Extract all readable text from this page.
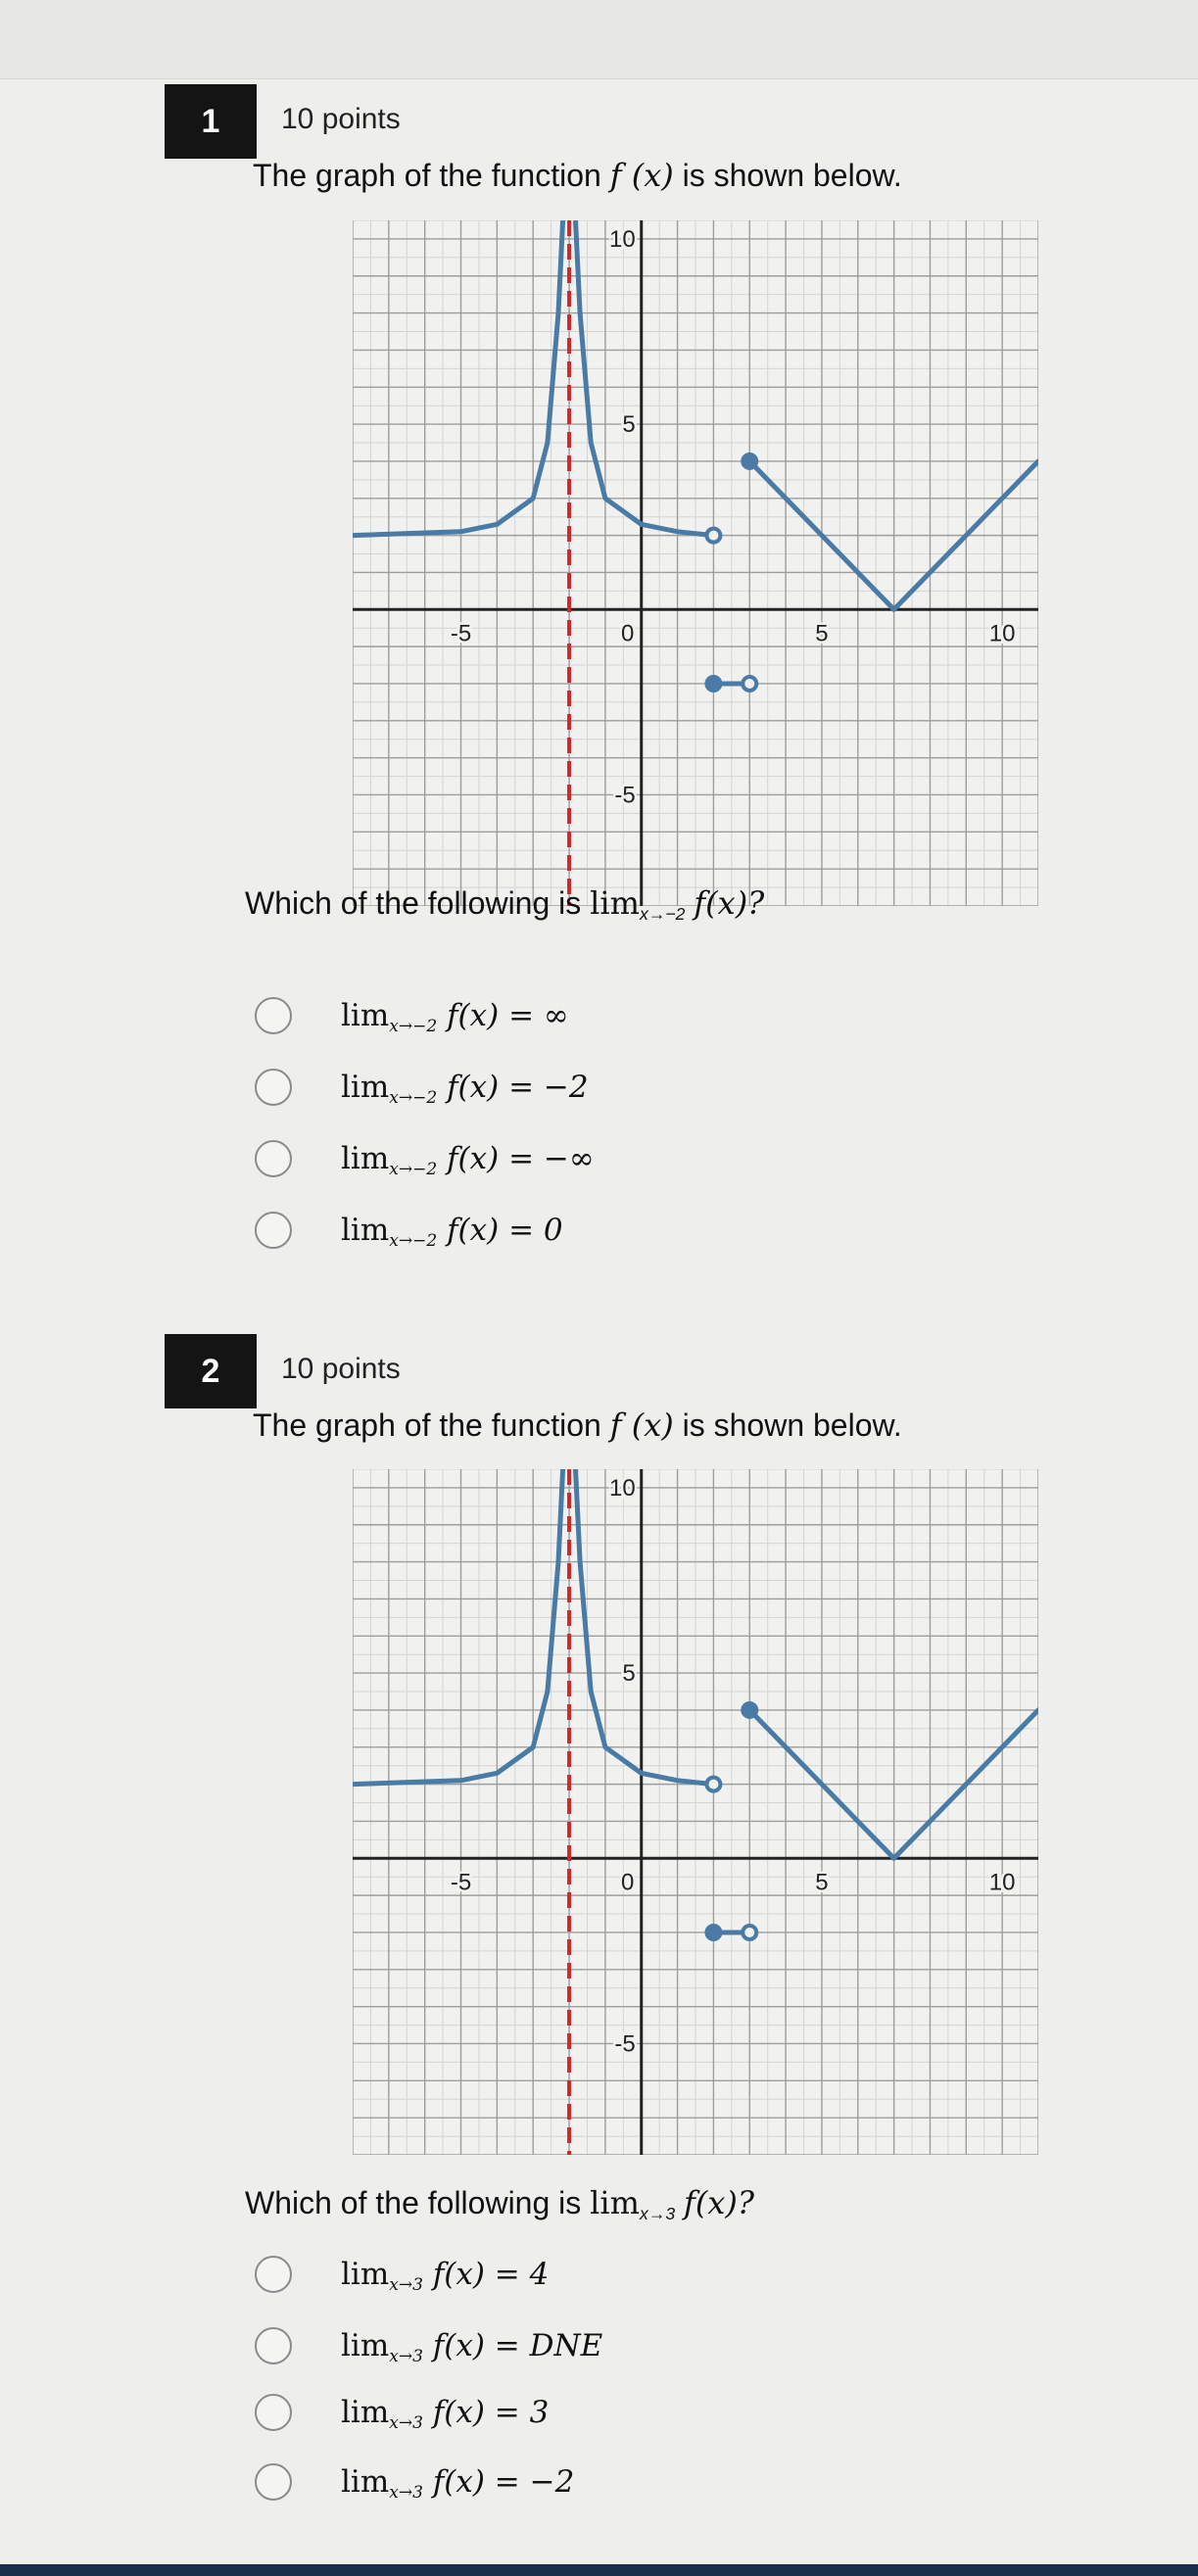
1	10 points
The graph of the function f (x) is shown below.
-5	0	5	10
10
5
-5
Which of the following is limx→−2 f(x)?
limx→−2 f(x) = ∞
limx→−2 f(x) = −2
limx→−2 f(x) = −∞
limx→−2 f(x) = 0
2	10 points
The graph of the function f (x) is shown below.
-5	0	5	10
10
5
-5
Which of the following is limx→3 f(x)?
limx→3 f(x) = 4
limx→3 f(x) = DNE
limx→3 f(x) = 3
limx→3 f(x) = −2
